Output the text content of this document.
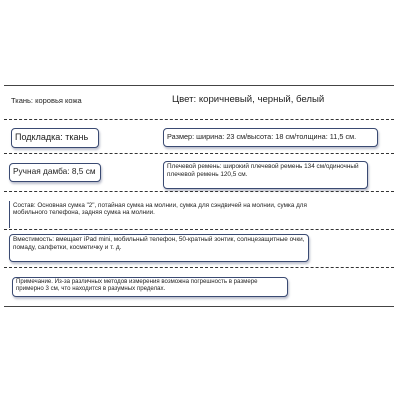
Ткань: коровья кожа	Цвет: коричневый, черный, белый
Подкладка: ткань	Размер: ширина: 23 см/высота: 18 см/толщина: 11,5 см.
Ручная дамба: 8,5 см	Плечевой ремень: широкий плечевой ремень 134 см/одиночный плечевой ремень 120,5 см.
Состав: Основная сумка "2", потайная сумка на молнии, сумка для сэндвичей на молнии, сумка для мобильного телефона, задняя сумка на молнии.
Вместимость: вмещает iPad mini, мобильный телефон, 50-кратный зонтик, солнцезащитные очки, помаду, салфетки, косметичку и т. д.
Примечание. Из-за различных методов измерения возможна погрешность в размере примерно 3 см, что находится в разумных пределах.
